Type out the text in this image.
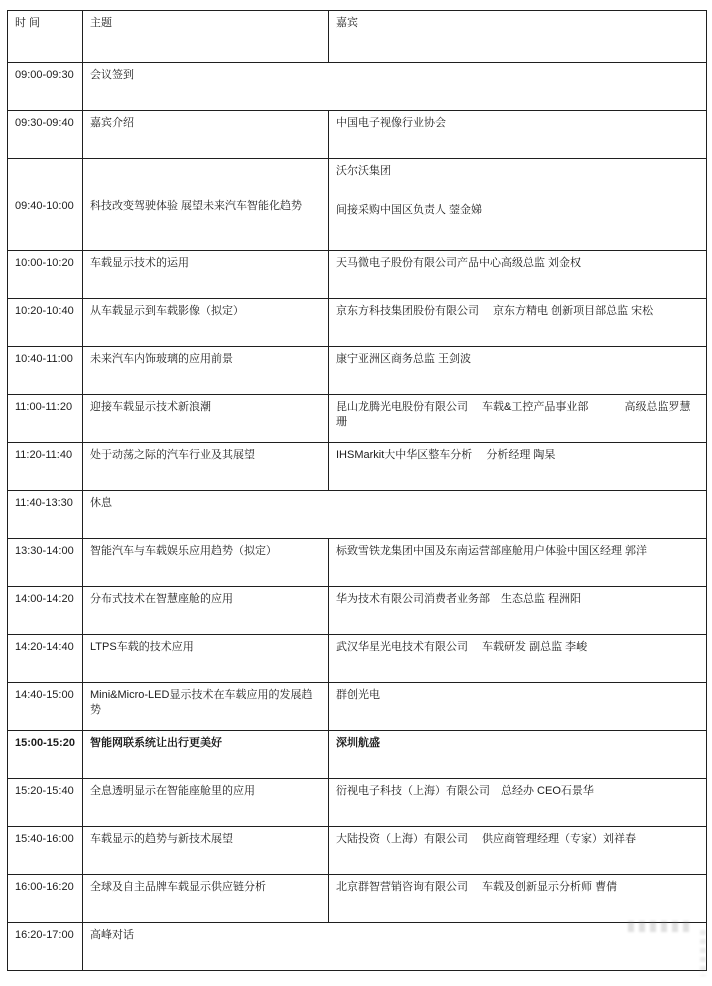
时 间	主题	嘉宾
09:00-09:30	会议签到	
09:30-09:40	嘉宾介绍	中国电子视像行业协会
09:40-10:00	科技改变驾驶体验 展望未来汽车智能化趋势	沃尔沃集团
间接采购中国区负责人 蓥金娣

10:00-10:20	车载显示技术的运用	天马微电子股份有限公司产品中心高级总监 刘金权
10:20-10:40	从车载显示到车载影像（拟定）	京东方科技集团股份有限公司　 京东方精电 创新项目部总监 宋松
10:40-11:00	未来汽车内饰玻璃的应用前景	康宁亚洲区商务总监 王剑波
11:00-11:20	迎接车载显示技术新浪潮	昆山龙腾光电股份有限公司　 车载&工控产品事业部　　　 高级总监罗慧珊
11:20-11:40	处于动荡之际的汽车行业及其展望	IHSMarkit大中华区整车分析　 分析经理 陶杲
11:40-13:30	休息	
13:30-14:00	智能汽车与车载娱乐应用趋势（拟定）	标致雪铁龙集团中国及东南运营部座舱用户体验中国区经理 郭洋
14:00-14:20	分布式技术在智慧座舱的应用	华为技术有限公司消费者业务部　生态总监 程洲阳
14:20-14:40	LTPS车载的技术应用	武汉华星光电技术有限公司　 车载研发 副总监 李峻
14:40-15:00	Mini&Micro-LED显示技术在车载应用的发展趋势	群创光电
15:00-15:20	智能网联系统让出行更美好	深圳航盛
15:20-15:40	全息透明显示在智能座舱里的应用	衍视电子科技（上海）有限公司　总经办 CEO石景华
15:40-16:00	车载显示的趋势与新技术展望	大陆投资（上海）有限公司　 供应商管理经理（专家）刘祥春
16:00-16:20	全球及自主品牌车载显示供应链分析	北京群智营销咨询有限公司　 车载及创新显示分析师 曹倩
16:20-17:00	高峰对话	
